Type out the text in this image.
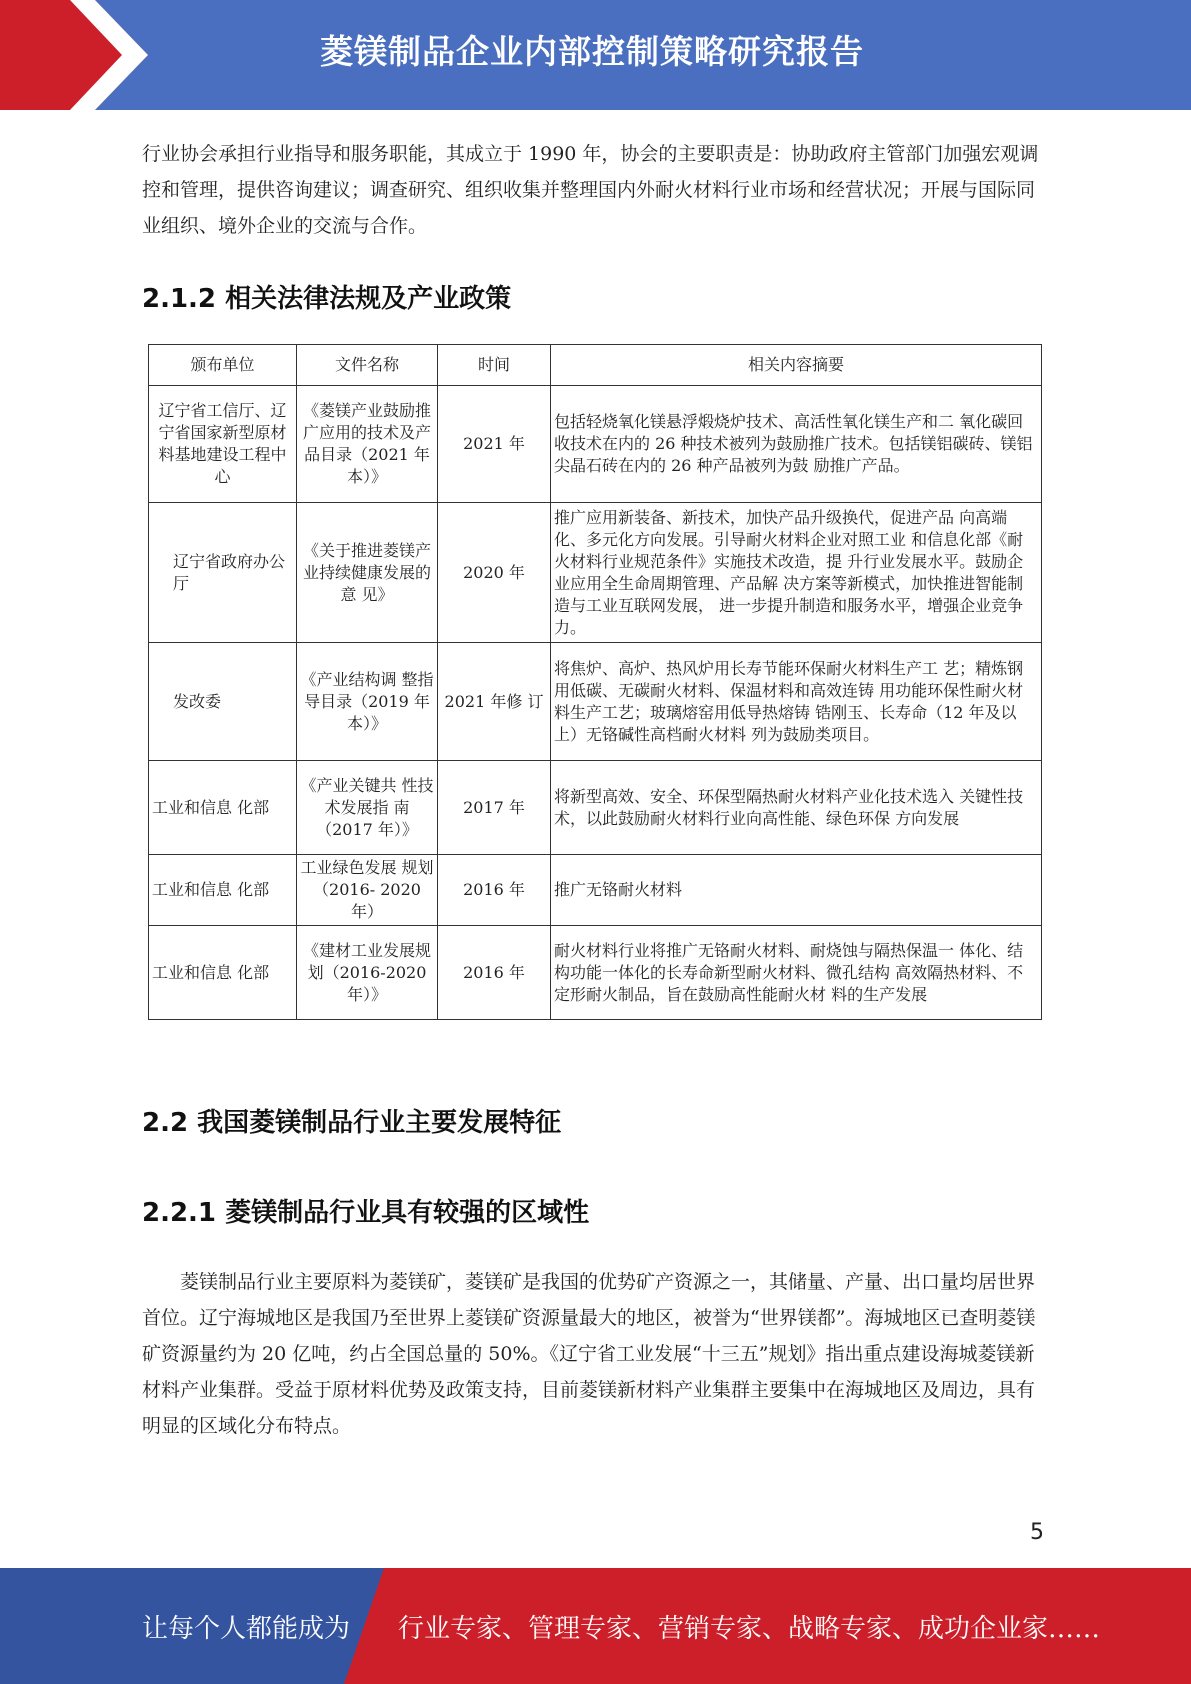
菱镁制品企业内部控制策略研究报告

行业协会承担行业指导和服务职能，其成立于 1990 年，协会的主要职责是：协助政府主管部门加强宏观调控和管理，提供咨询建议；调查研究、组织收集并整理国内外耐火材料行业市场和经营状况；开展与国际同业组织、境外企业的交流与合作。

2.1.2 相关法律法规及产业政策
颁布单位	文件名称	时间	相关内容摘要
辽宁省工信厅、辽宁省国家新型原材料基地建设工程中心	《菱镁产业鼓励推广应用的技术及产品目录（2021 年本）》	2021 年	包括轻烧氧化镁悬浮煅烧炉技术、高活性氧化镁生产和二 氧化碳回收技术在内的 26 种技术被列为鼓励推广技术。包括镁铝碳砖、镁铝尖晶石砖在内的 26 种产品被列为鼓 励推广产品。
辽宁省政府办公厅	《关于推进菱镁产业持续健康发展的意 见》	2020 年	推广应用新装备、新技术，加快产品升级换代，促进产品 向高端化、多元化方向发展。引导耐火材料企业对照工业 和信息化部《耐火材料行业规范条件》实施技术改造，提 升行业发展水平。鼓励企业应用全生命周期管理、产品解 决方案等新模式，加快推进智能制造与工业互联网发展， 进一步提升制造和服务水平，增强企业竞争力。
发改委	《产业结构调 整指导目录（2019 年本）》	2021 年修 订	将焦炉、高炉、热风炉用长寿节能环保耐火材料生产工 艺；精炼钢用低碳、无碳耐火材料、保温材料和高效连铸 用功能环保性耐火材料生产工艺；玻璃熔窑用低导热熔铸 锆刚玉、长寿命（12 年及以上）无铬碱性高档耐火材料 列为鼓励类项目。
工业和信息 化部	《产业关键共 性技术发展指 南（2017 年）》	2017 年	将新型高效、安全、环保型隔热耐火材料产业化技术选入 关键性技术，以此鼓励耐火材料行业向高性能、绿色环保 方向发展
工业和信息 化部	工业绿色发展 规划（2016- 2020 年）	2016 年	推广无铬耐火材料
工业和信息 化部	《建材工业发展规划（2016-2020 年）》	2016 年	耐火材料行业将推广无铬耐火材料、耐烧蚀与隔热保温一 体化、结构功能一体化的长寿命新型耐火材料、微孔结构 高效隔热材料、不定形耐火制品，旨在鼓励高性能耐火材 料的生产发展
2.2 我国菱镁制品行业主要发展特征
2.2.1 菱镁制品行业具有较强的区域性

菱镁制品行业主要原料为菱镁矿，菱镁矿是我国的优势矿产资源之一，其储量、产量、出口量均居世界首位。辽宁海城地区是我国乃至世界上菱镁矿资源量最大的地区，被誉为“世界镁都”。海城地区已查明菱镁矿资源量约为 20 亿吨，约占全国总量的 50%。《辽宁省工业发展“十三五”规划》指出重点建设海城菱镁新材料产业集群。受益于原材料优势及政策支持，目前菱镁新材料产业集群主要集中在海城地区及周边，具有明显的区域化分布特点。

5
让每个人都能成为 行业专家、管理专家、营销专家、战略专家、成功企业家……
